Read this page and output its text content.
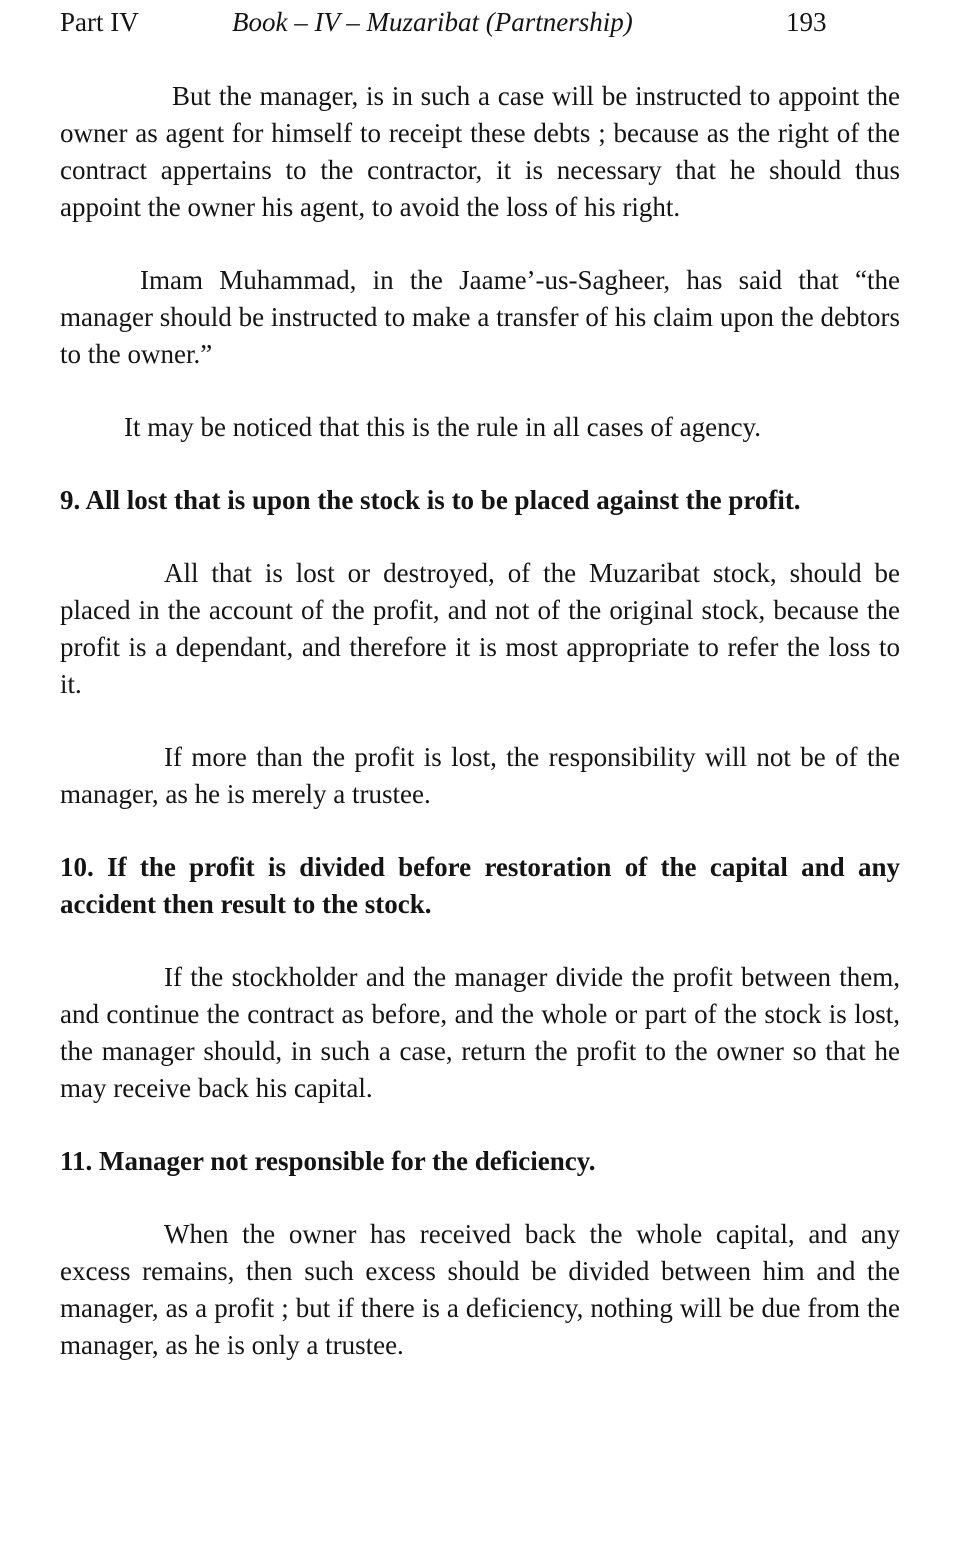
Part IV	Book – IV – Muzaribat (Partnership)	193

But the manager, is in such a case will be instructed to appoint the owner as agent for himself to receipt these debts ; because as the right of the contract appertains to the contractor, it is necessary that he should thus appoint the owner his agent, to avoid the loss of his right.

Imam Muhammad, in the Jaame’-us-Sagheer, has said that “the manager should be instructed to make a transfer of his claim upon the debtors to the owner.”

It may be noticed that this is the rule in all cases of agency.

9. All lost that is upon the stock is to be placed against the profit.

All that is lost or destroyed, of the Muzaribat stock, should be placed in the account of the profit, and not of the original stock, because the profit is a dependant, and therefore it is most appropriate to refer the loss to it.

If more than the profit is lost, the responsibility will not be of the manager, as he is merely a trustee.

10. If the profit is divided before restoration of the capital and any accident then result to the stock.

If the stockholder and the manager divide the profit between them, and continue the contract as before, and the whole or part of the stock is lost, the manager should, in such a case, return the profit to the owner so that he may receive back his capital.

11. Manager not responsible for the deficiency.

When the owner has received back the whole capital, and any excess remains, then such excess should be divided between him and the manager, as a profit ; but if there is a deficiency, nothing will be due from the manager, as he is only a trustee.
